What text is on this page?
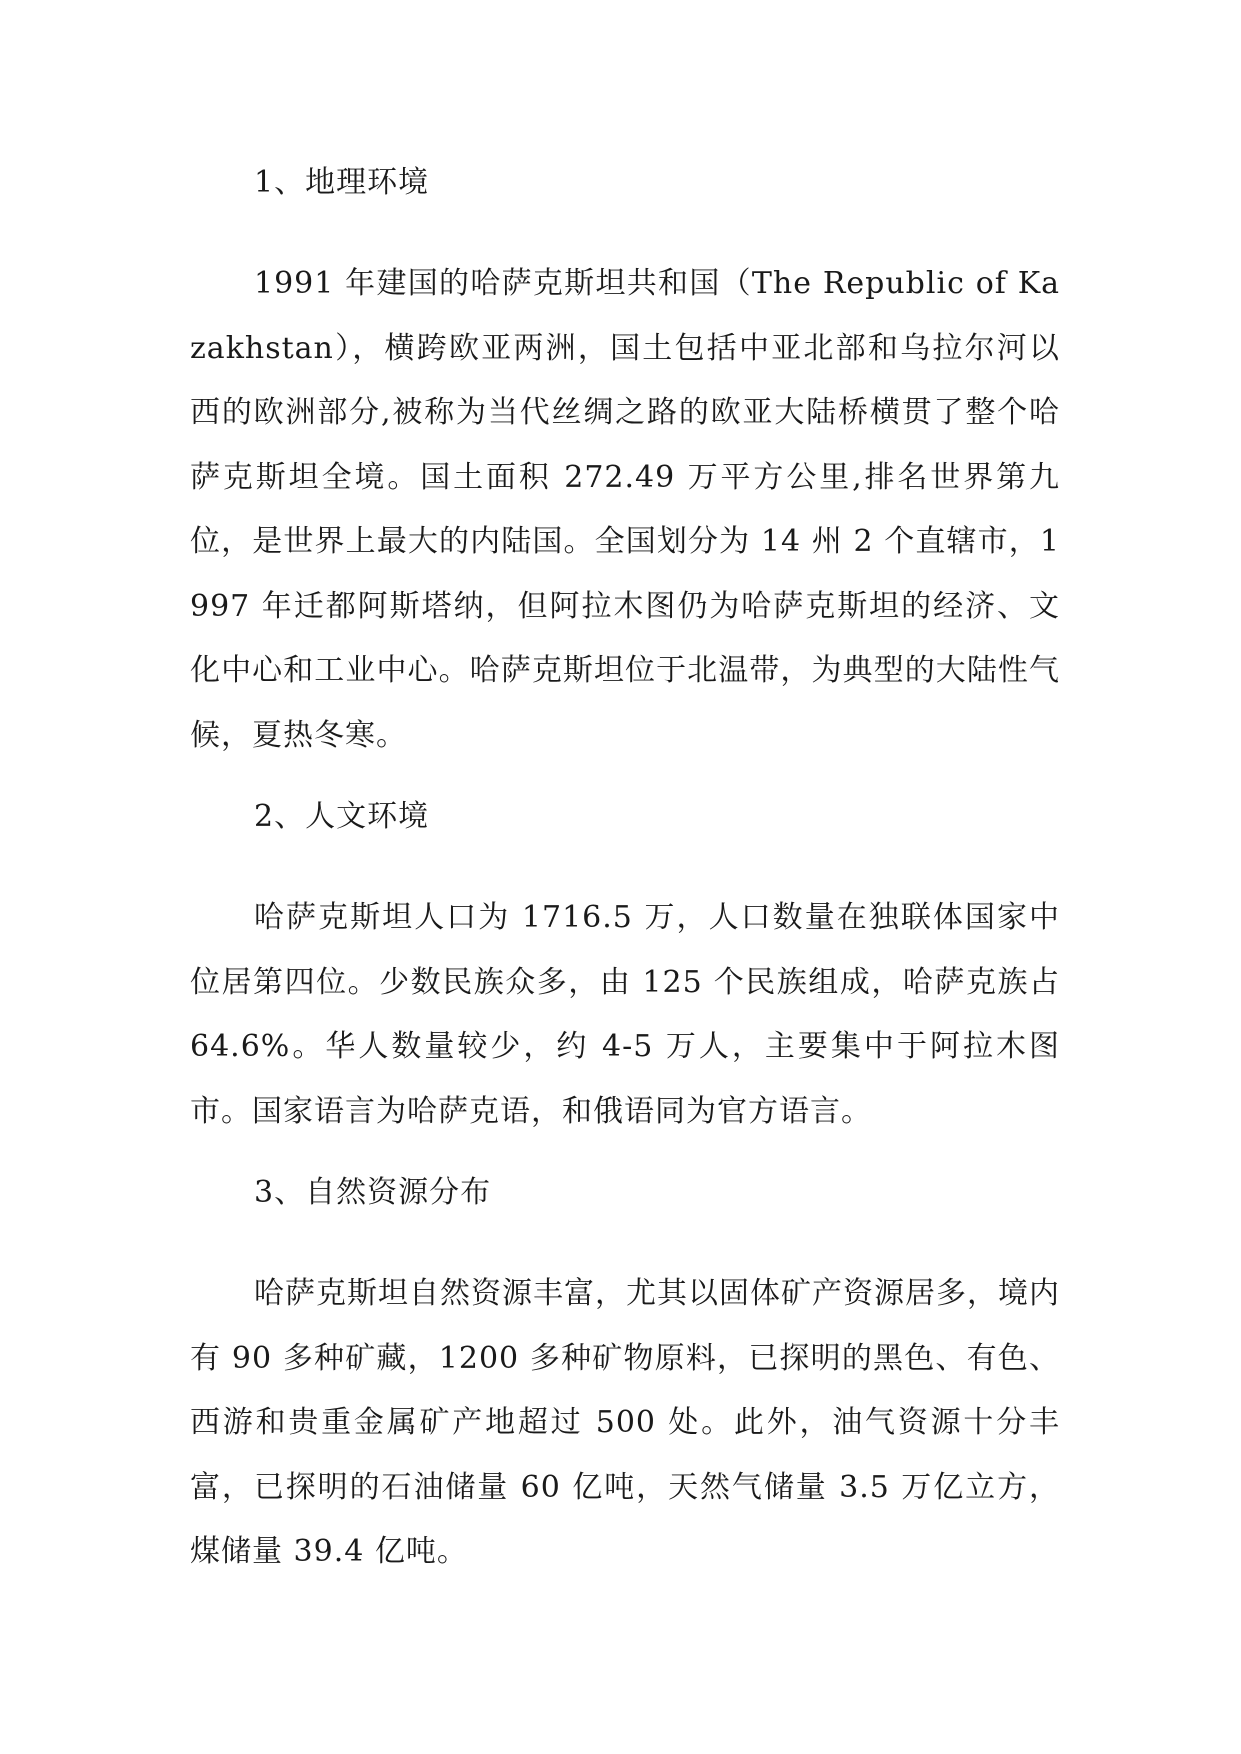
1、地理环境

1991 年建国的哈萨克斯坦共和国（The Republic of Kazakhstan），横跨欧亚两洲，国土包括中亚北部和乌拉尔河以西的欧洲部分,被称为当代丝绸之路的欧亚大陆桥横贯了整个哈萨克斯坦全境。国土面积 272.49 万平方公里,排名世界第九位，是世界上最大的内陆国。全国划分为 14 州 2 个直辖市，1997 年迁都阿斯塔纳，但阿拉木图仍为哈萨克斯坦的经济、文化中心和工业中心。哈萨克斯坦位于北温带，为典型的大陆性气候，夏热冬寒。

2、人文环境

哈萨克斯坦人口为 1716.5 万，人口数量在独联体国家中位居第四位。少数民族众多，由 125 个民族组成，哈萨克族占 64.6%。华人数量较少，约 4-5 万人，主要集中于阿拉木图市。国家语言为哈萨克语，和俄语同为官方语言。

3、自然资源分布

哈萨克斯坦自然资源丰富，尤其以固体矿产资源居多，境内有 90 多种矿藏，1200 多种矿物原料，已探明的黑色、有色、西游和贵重金属矿产地超过 500 处。此外，油气资源十分丰富，已探明的石油储量 60 亿吨，天然气储量 3.5 万亿立方，煤储量 39.4 亿吨。
